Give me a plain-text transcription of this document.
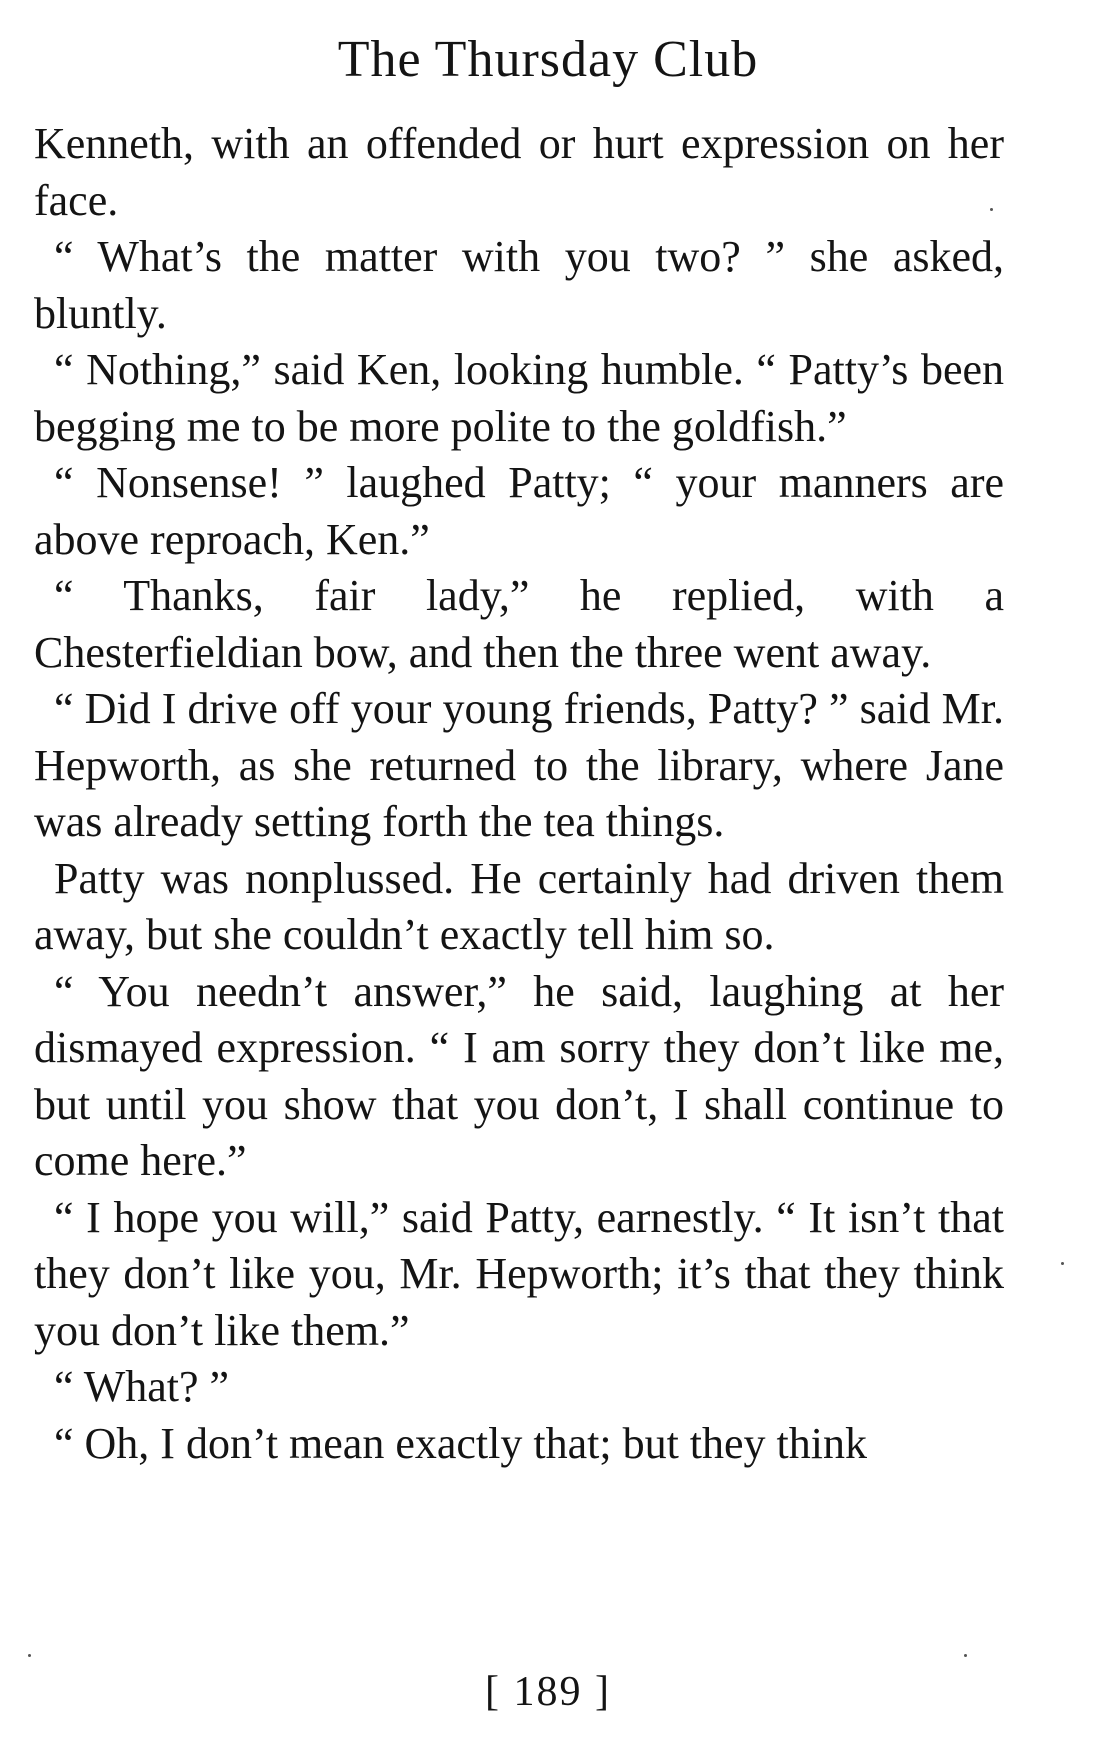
The Thursday Club

Kenneth, with an offended or hurt expression on her face.

“ What’s the matter with you two? ” she asked, bluntly.

“ Nothing,” said Ken, looking humble. “ Patty’s been begging me to be more polite to the goldfish.”

“ Nonsense! ” laughed Patty; “ your manners are above reproach, Ken.”

“ Thanks, fair lady,” he replied, with a Chesterfieldian bow, and then the three went away.

“ Did I drive off your young friends, Patty? ” said Mr. Hepworth, as she returned to the library, where Jane was already setting forth the tea things.

Patty was nonplussed. He certainly had driven them away, but she couldn’t exactly tell him so.

“ You needn’t answer,” he said, laughing at her dismayed expression. “ I am sorry they don’t like me, but until you show that you don’t, I shall continue to come here.”

“ I hope you will,” said Patty, earnestly. “ It isn’t that they don’t like you, Mr. Hepworth; it’s that they think you don’t like them.”

“ What? ”

“ Oh, I don’t mean exactly that; but they think

[ 189 ]
